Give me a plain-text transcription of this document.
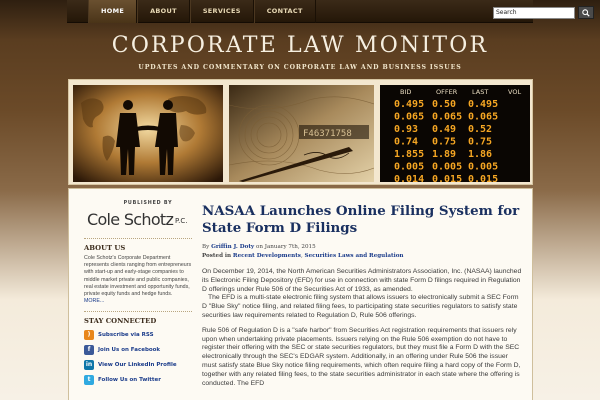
HOME	ABOUT	SERVICES	CONTACT
Search
CORPORATE LAW MONITOR
UPDATES AND COMMENTARY ON CORPORATE LAW AND BUSINESS ISSUES
F46371758
BID	OFFER LAST	VOL
0.495 0.50 0.495
0.065 0.065 0.065
0.93 0.49 0.52
0.74 0.75 0.75
1.855 1.89 1.86
0.005 0.005 0.005
0.014 0.015 0.015
PUBLISHED BY
Cole Schotz P.C.
ABOUT US
Cole Schotz's Corporate Department represents clients ranging from entrepreneurs with start-up and early-stage companies to middle market private and public companies, real estate investment and opportunity funds, private equity funds and hedge funds. MORE...
STAY CONNECTED
)	Subscribe via RSS
f	Join Us on Facebook
in	View Our LinkedIn Profile
t	Follow Us on Twitter
NASAA Launches Online Filing System for State Form D Filings
By Griffin J. Doty on January 7th, 2015
Posted in Recent Developments, Securities Laws and Regulation

On December 19, 2014, the North American Securities Administrators Association, Inc. (NASAA) launched its Electronic Filing Depository (EFD) for use in connection with state Form D filings required in Regulation D offerings under Rule 506 of the Securities Act of 1933, as amended.
The EFD is a multi-state electronic filing system that allows issuers to electronically submit a SEC Form D "Blue Sky" notice filing, and related filing fees, to participating state securities regulators to satisfy state securities law requirements related to Regulation D, Rule 506 offerings.

Rule 506 of Regulation D is a "safe harbor" from Securities Act registration requirements that issuers rely upon when undertaking private placements. Issuers relying on the Rule 506 exemption do not have to register their offering with the SEC or state securities regulators, but they must file a Form D with the SEC electronically through the SEC's EDGAR system. Additionally, in an offering under Rule 506 the issuer must satisfy state Blue Sky notice filing requirements, which often require filing a hard copy of the Form D, together with any related filing fees, to the state securities administrator in each state where the offering is conducted. The EFD
